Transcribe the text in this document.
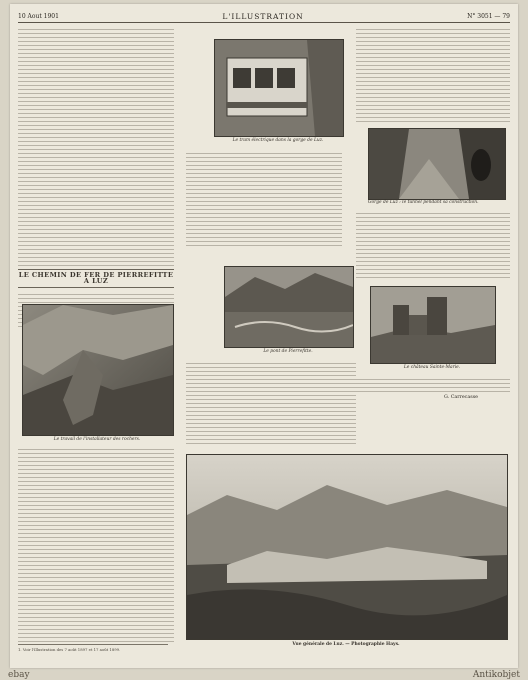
10 Aout 1901	L'ILLUSTRATION	N° 3051 — 79
LE CHEMIN DE FER DE PIERREFITTE A LUZ
Le travail de l'installateur des rochers.
1. Voir l'Illustration des 7 août 1897 et 17 août 1899.
Le tram électrique dans la gorge de Luz.
Le pont de Pierrefitte.
Gorge de Luz : le tunnel pendant sa construction.
Le château Sainte-Marie.
G. Carrecasse
Vue générale de Luz. — Photographie Hays.
ebay	Antikobjet
